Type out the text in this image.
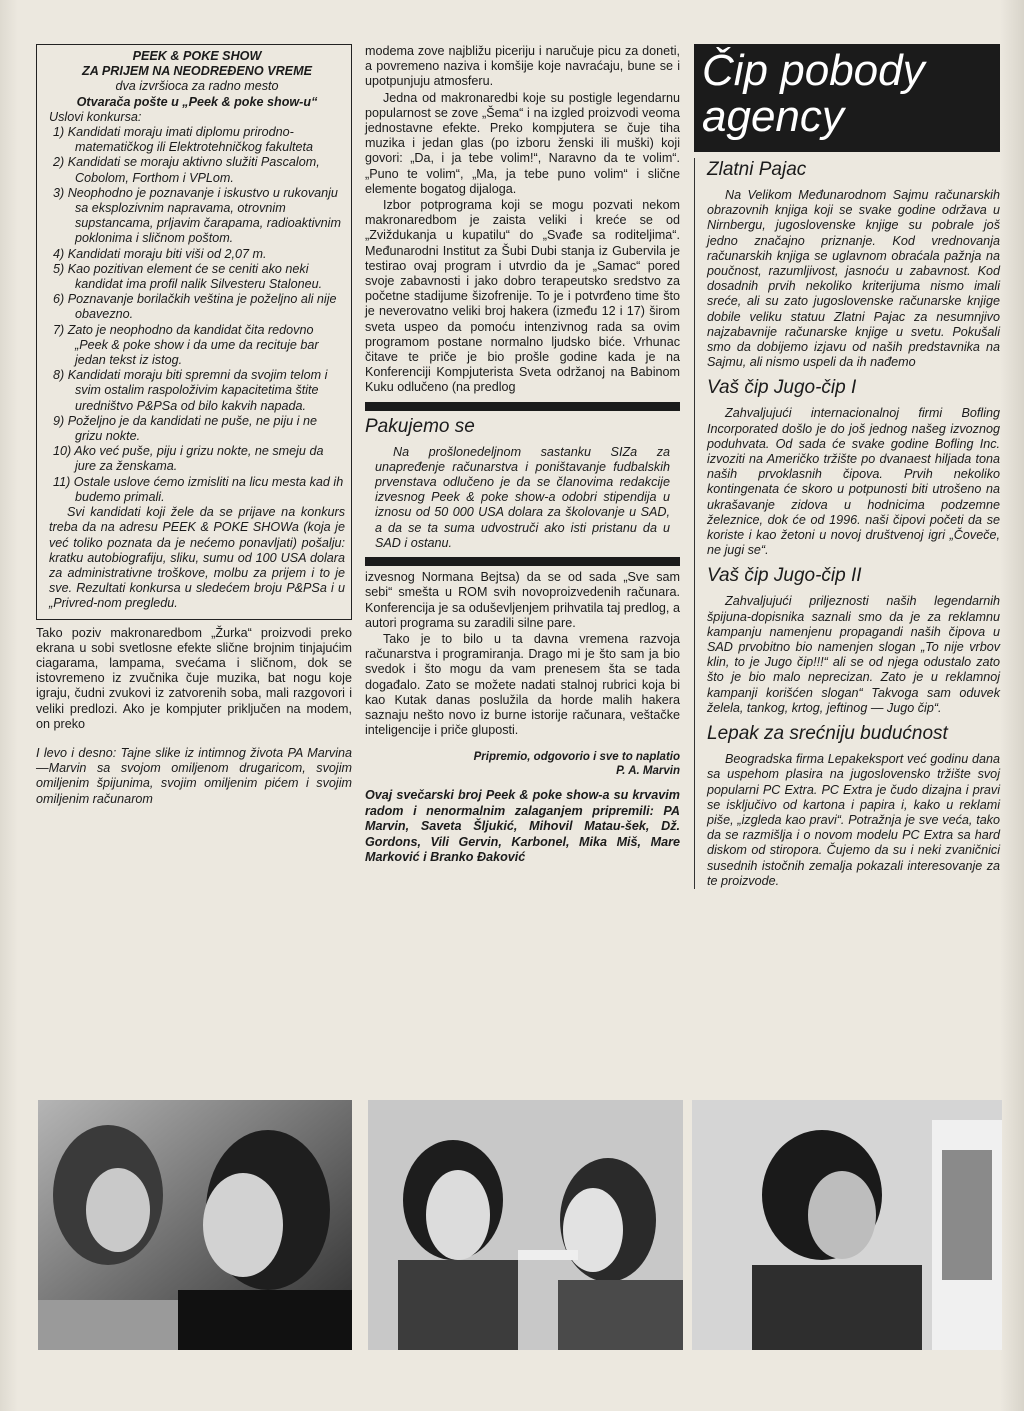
PEEK & POKE SHOW
ZA PRIJEM NA NEODREĐENO VREME
dva izvršioca za radno mesto
Otvarača pošte u „Peek & poke show-u“
Uslovi konkursa:
1) Kandidati moraju imati diplomu prirodno-matematičkog ili Elektrotehničkog fakulteta
2) Kandidati se moraju aktivno služiti Pascalom, Cobolom, Forthom i VPLom.
3) Neophodno je poznavanje i iskustvo u rukovanju sa eksplozivnim napravama, otrovnim supstancama, prljavim čarapama, radioaktivnim poklonima i sličnom poštom.
4) Kandidati moraju biti viši od 2,07 m.
5) Kao pozitivan element će se ceniti ako neki kandidat ima profil nalik Silvesteru Staloneu.
6) Poznavanje borilačkih veština je poželjno ali nije obavezno.
7) Zato je neophodno da kandidat čita redovno „Peek & poke show i da ume da recituje bar jedan tekst iz istog.
8) Kandidati moraju biti spremni da svojim telom i svim ostalim raspoloživim kapacitetima štite uredništvo P&PSa od bilo kakvih napada.
9) Poželjno je da kandidati ne puše, ne piju i ne grizu nokte.
10) Ako već puše, piju i grizu nokte, ne smeju da jure za ženskama.
11) Ostale uslove ćemo izmisliti na licu mesta kad ih budemo primali.

Svi kandidati koji žele da se prijave na konkurs treba da na adresu PEEK & POKE SHOWa (koja je već toliko poznata da je nećemo ponavljati) pošalju: kratku autobiografiju, sliku, sumu od 100 USA dolara za administrativne troškove, molbu za prijem i to je sve. Rezultati konkursa u sledećem broju P&PSa i u „Privred-nom pregledu.

Tako poziv makronaredbom „Žurka“ proizvodi preko ekrana u sobi svetlosne efekte slične brojnim tinjajućim ciagarama, lampama, svećama i sličnom, dok se istovremeno iz zvučnika čuje muzika, bat nogu koje igraju, čudni zvukovi iz zatvorenih soba, mali razgovori i veliki predlozi. Ako je kompjuter priključen na modem, on preko

I levo i desno: Tajne slike iz intimnog života PA Marvina—Marvin sa svojom omiljenom drugaricom, svojim omiljenim špijunima, svojim omiljenim pićem i svojim omiljenim računarom

modema zove najbližu piceriju i naručuje picu za doneti, a povremeno naziva i komšije koje navraćaju, bune se i upotpunjuju atmosferu.

Jedna od makronaredbi koje su postigle legendarnu popularnost se zove „Šema“ i na izgled proizvodi veoma jednostavne efekte. Preko kompjutera se čuje tiha muzika i jedan glas (po izboru ženski ili muški) koji govori: „Da, i ja tebe volim!“, Naravno da te volim“. „Puno te volim“, „Ma, ja tebe puno volim“ i slične elemente bogatog dijaloga.

Izbor potprograma koji se mogu pozvati nekom makronaredbom je zaista veliki i kreće se od „Zviždukanja u kupatilu“ do „Svađe sa roditeljima“. Međunarodni Institut za Šubi Dubi stanja iz Gubervila je testirao ovaj program i utvrdio da je „Samac“ pored svoje zabavnosti i jako dobro terapeutsko sredstvo za početne stadijume šizofrenije. To je i potvrđeno time što je neverovatno veliki broj hakera (između 12 i 17) širom sveta uspeo da pomoću intenzivnog rada sa ovim programom postane normalno ljudsko biće. Vrhunac čitave te priče je bio prošle godine kada je na Konferenciji Kompjuterista Sveta održanoj na Babinom Kuku odlučeno (na predlog

Pakujemo se

Na prošlonedeljnom sastanku SIZa za unapređenje računarstva i poništavanje fudbalskih prvenstava odlučeno je da se članovima redakcije izvesnog Peek & poke show-a odobri stipendija u iznosu od 50 000 USA dolara za školovanje u SAD, a da se ta suma udvostruči ako isti pristanu da u SAD i ostanu.

izvesnog Normana Bejtsa) da se od sada „Sve sam sebi“ smešta u ROM svih novoproizvedenih računara. Konferencija je sa oduševljenjem prihvatila taj predlog, a autori programa su zaradili silne pare.

Tako je to bilo u ta davna vremena razvoja računarstva i programiranja. Drago mi je što sam ja bio svedok i što mogu da vam prenesem šta se tada događalo. Zato se možete nadati stalnoj rubrici koja bi kao Kutak danas poslužila da horde malih hakera saznaju nešto novo iz burne istorije računara, veštačke inteligencije i priče gluposti.

Pripremio, odgovorio i sve to naplatio
P. A. Marvin

Ovaj svečarski broj Peek & poke show-a su krvavim radom i nenormalnim zalaganjem pripremili: PA Marvin, Saveta Šljukić, Mihovil Matau-šek, Dž. Gordons, Vili Gervin, Karbonel, Mika Miš, Mare Marković i Branko Đaković

Čip pobody
agency
Zlatni Pajac

Na Velikom Međunarodnom Sajmu računarskih obrazovnih knjiga koji se svake godine održava u Nirnbergu, jugoslovenske knjige su pobrale još jedno značajno priznanje. Kod vrednovanja računarskih knjiga se uglavnom obraćala pažnja na poučnost, razumljivost, jasnoću u zabavnost. Kod dosadnih prvih nekoliko kriterijuma nismo imali sreće, ali su zato jugoslovenske računarske knjige dobile veliku statuu Zlatni Pajac za nesumnjivo najzabavnije računarske knjige u svetu. Pokušali smo da dobijemo izjavu od naših predstavnika na Sajmu, ali nismo uspeli da ih nađemo

Vaš čip Jugo-čip I

Zahvaljujući internacionalnoj firmi Bofling Incorporated došlo je do još jednog našeg izvoznog poduhvata. Od sada će svake godine Bofling Inc. izvoziti na Američko tržište po dvanaest hiljada tona naših prvoklasnih čipova. Prvih nekoliko kontingenata će skoro u potpunosti biti utrošeno na ukrašavanje zidova u hodnicima podzemne železnice, dok će od 1996. naši čipovi početi da se koriste i kao žetoni u novoj društvenoj igri „Čoveče, ne jugi se“.

Vaš čip Jugo-čip II

Zahvaljujući priljeznosti naših legendarnih špijuna-dopisnika saznali smo da je za reklamnu kampanju namenjenu propagandi naših čipova u SAD prvobitno bio namenjen slogan „To nije vrbov klin, to je Jugo čip!!!“ ali se od njega odustalo zato što je bio malo neprecizan. Zato je u reklamnoj kampanji korišćen slogan“ Takvoga sam oduvek želela, tankog, krtog, jeftinog — Jugo čip“.

Lepak za srećniju budućnost

Beogradska firma Lepakeksport već godinu dana sa uspehom plasira na jugoslovensko tržište svoj popularni PC Extra. PC Extra je čudo dizajna i pravi se isključivo od kartona i papira i, kako u reklami piše, „izgleda kao pravi“. Potražnja je sve veća, tako da se razmišlja i o novom modelu PC Extra sa hard diskom od stiropora. Čujemo da su i neki zvaničnici susednih istočnih zemalja pokazali interesovanje za te proizvode.
